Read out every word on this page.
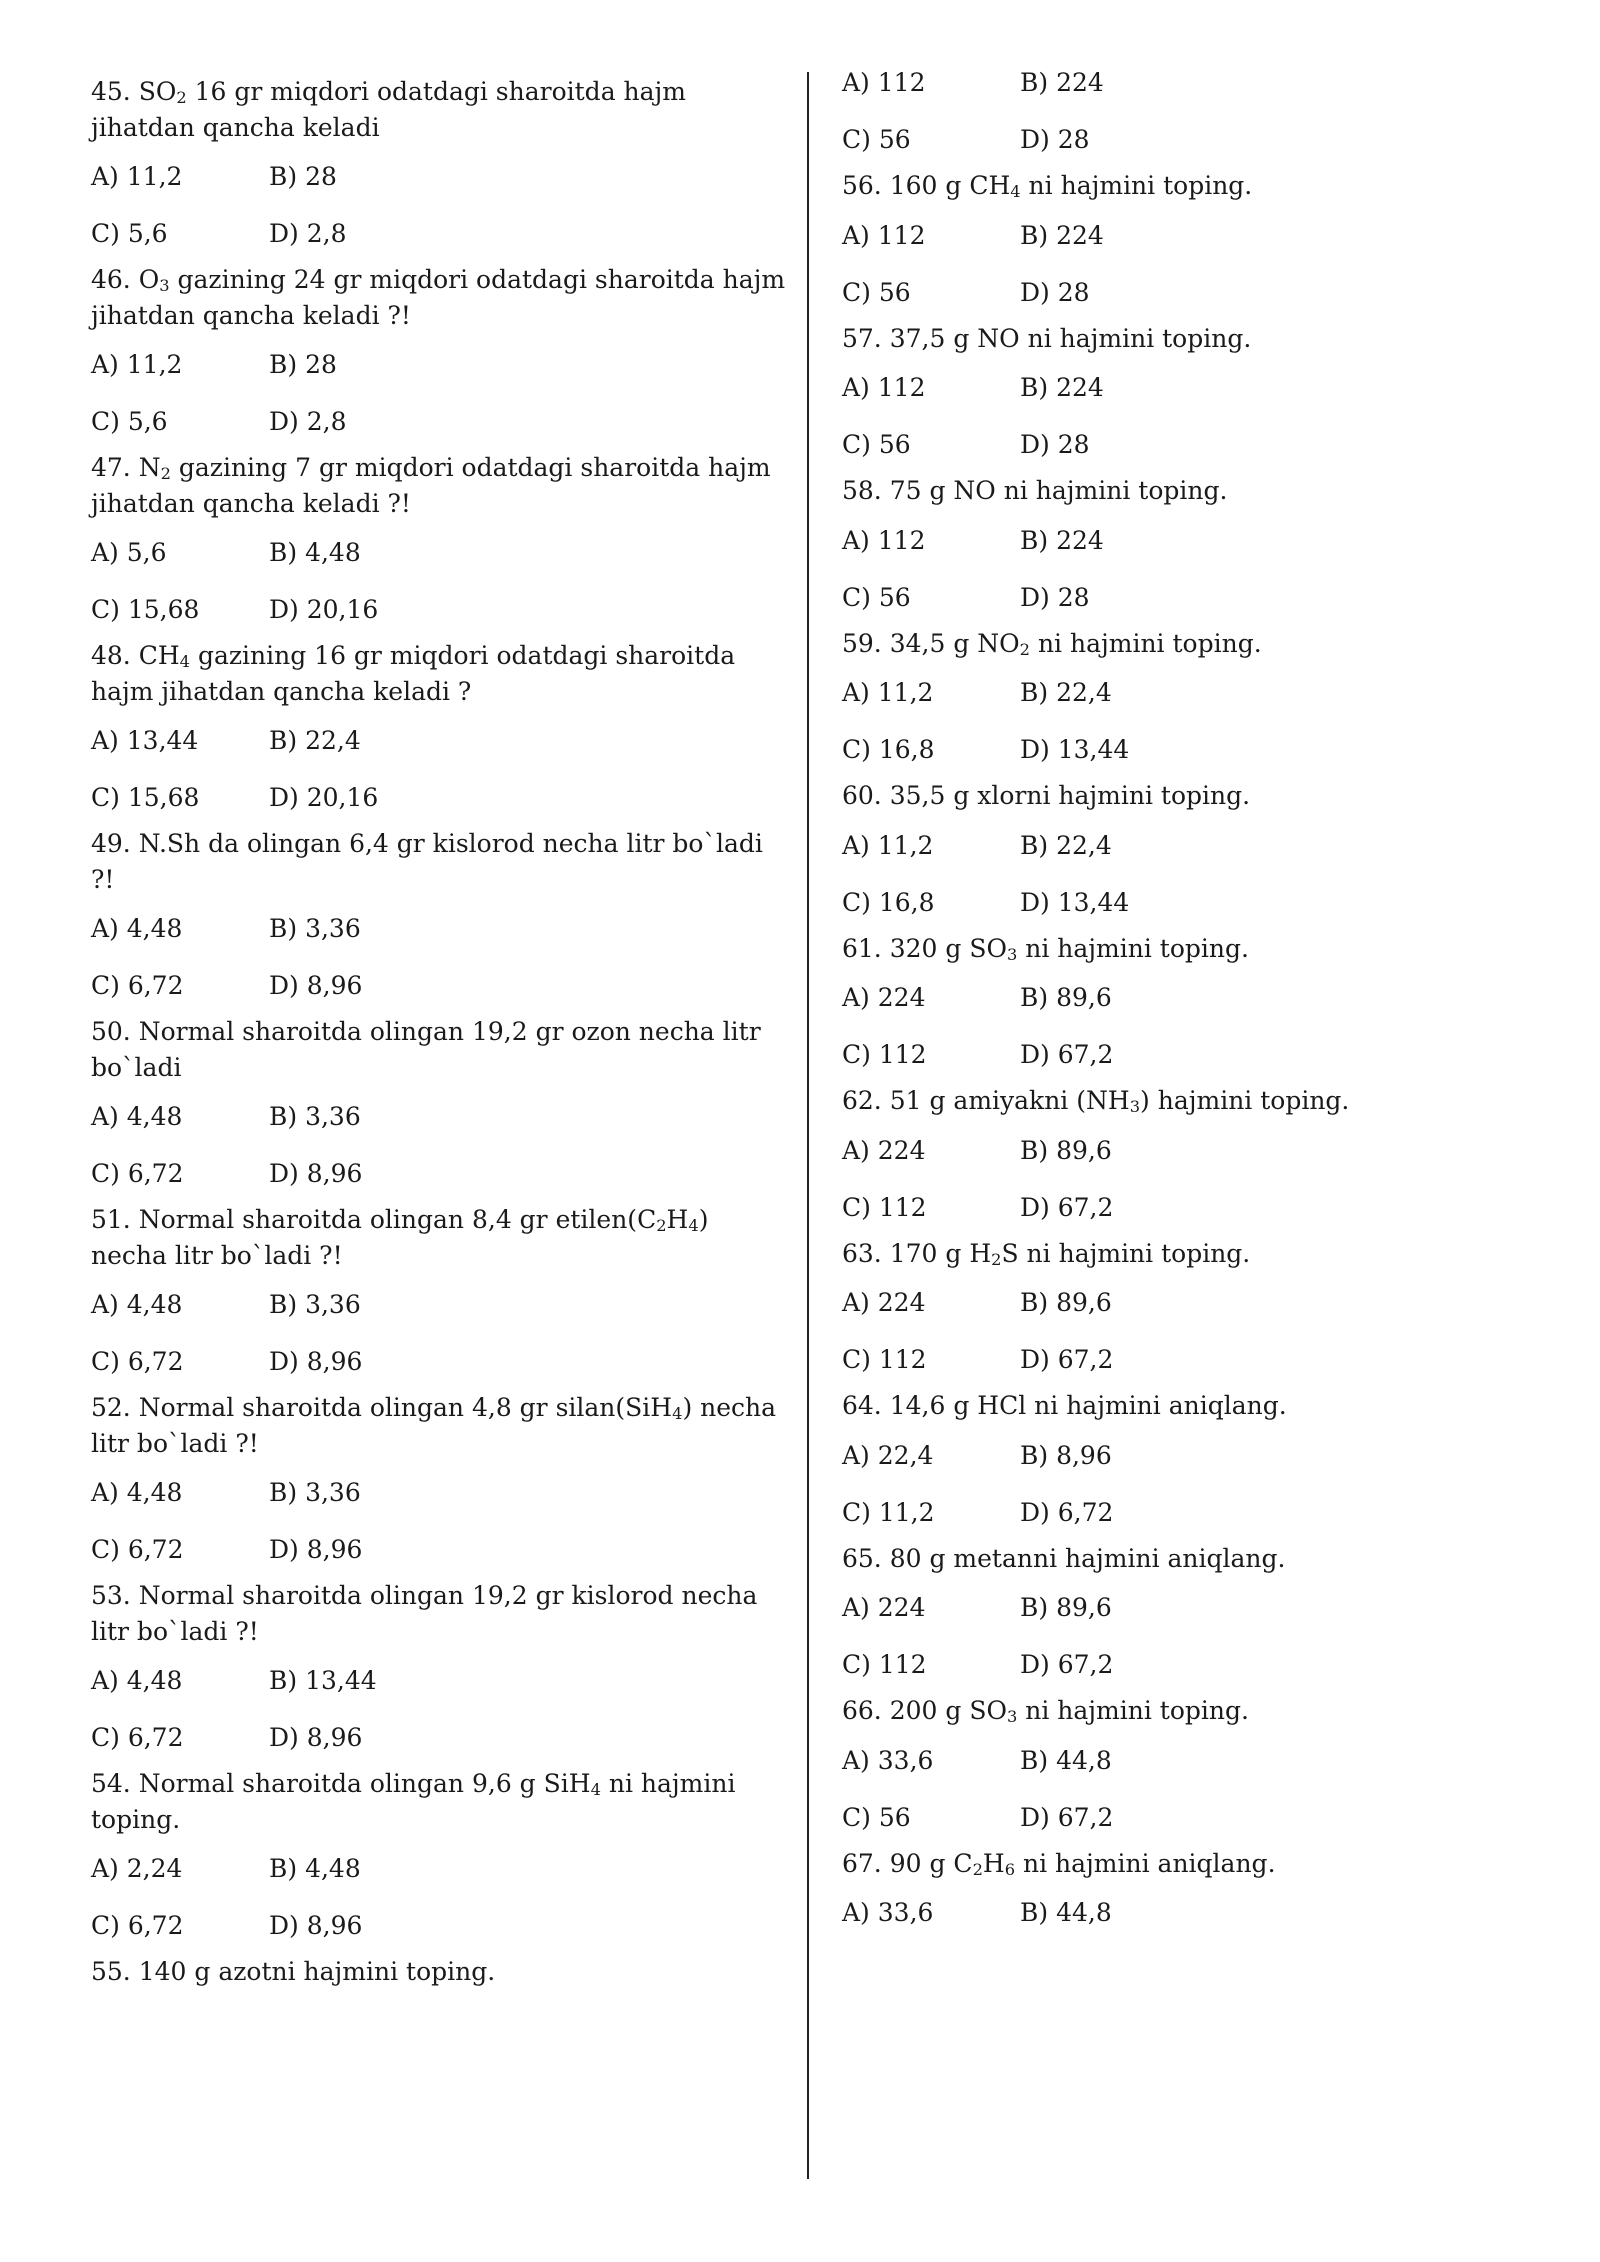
45. $SO_2$ 16 gr miqdori odatdagi sharoitda hajm jihatdan qancha keladi

A) 11,2	B) 28
C) 5,6	D) 2,8

46. $O_3$ gazining 24 gr miqdori odatdagi sharoitda hajm jihatdan qancha keladi ?!

A) 11,2	B) 28
C) 5,6	D) 2,8

47. $N_2$ gazining 7 gr miqdori odatdagi sharoitda hajm jihatdan qancha keladi ?!

A) 5,6	B) 4,48
C) 15,68	D) 20,16

48. $CH_4$ gazining 16 gr miqdori odatdagi sharoitda hajm jihatdan qancha keladi ?

A) 13,44	B) 22,4
C) 15,68	D) 20,16

49. N.Sh da olingan 6,4 gr kislorod necha litr bo`ladi ?!

A) 4,48	B) 3,36
C) 6,72	D) 8,96

50. Normal sharoitda olingan 19,2 gr ozon necha litr bo`ladi

A) 4,48	B) 3,36
C) 6,72	D) 8,96

51. Normal sharoitda olingan 8,4 gr $etilen(C_2H_4)$ necha litr bo`ladi ?!

A) 4,48	B) 3,36
C) 6,72	D) 8,96

52. Normal sharoitda olingan 4,8 gr silan(SiH$_4$) necha litr bo`ladi ?!

A) 4,48	B) 3,36
C) 6,72	D) 8,96

53. Normal sharoitda olingan 19,2 gr kislorod necha litr bo`ladi ?!

A) 4,48	B) 13,44
C) 6,72	D) 8,96

54. Normal sharoitda olingan 9,6 g SiH$_4$ ni hajmini toping.

A) 2,24	B) 4,48
C) 6,72	D) 8,96

55. 140 g azotni hajmini toping.

A) 112	B) 224
C) 56	D) 28

56. 160 g $CH_4$ ni hajmini toping.

A) 112	B) 224
C) 56	D) 28

57. 37,5 g NO ni hajmini toping.

A) 112	B) 224
C) 56	D) 28

58. 75 g NO ni hajmini toping.

A) 112	B) 224
C) 56	D) 28

59. 34,5 g $NO_2$ ni hajmini toping.

A) 11,2	B) 22,4
C) 16,8	D) 13,44

60. 35,5 g xlorni hajmini toping.

A) 11,2	B) 22,4
C) 16,8	D) 13,44

61. 320 g $SO_3$ ni hajmini toping.

A) 224	B) 89,6
C) 112	D) 67,2

62. 51 g amiyakni $(NH_3)$ hajmini toping.

A) 224	B) 89,6
C) 112	D) 67,2

63. 170 g $H_2S$ ni hajmini toping.

A) 224	B) 89,6
C) 112	D) 67,2

64. 14,6 g HCl ni hajmini aniqlang.

A) 22,4	B) 8,96
C) 11,2	D) 6,72

65. 80 g metanni hajmini aniqlang.

A) 224	B) 89,6
C) 112	D) 67,2

66. 200 g $SO_3$ ni hajmini toping.

A) 33,6	B) 44,8
C) 56	D) 67,2

67. 90 g $C_2H_6$ ni hajmini aniqlang.

A) 33,6	B) 44,8
